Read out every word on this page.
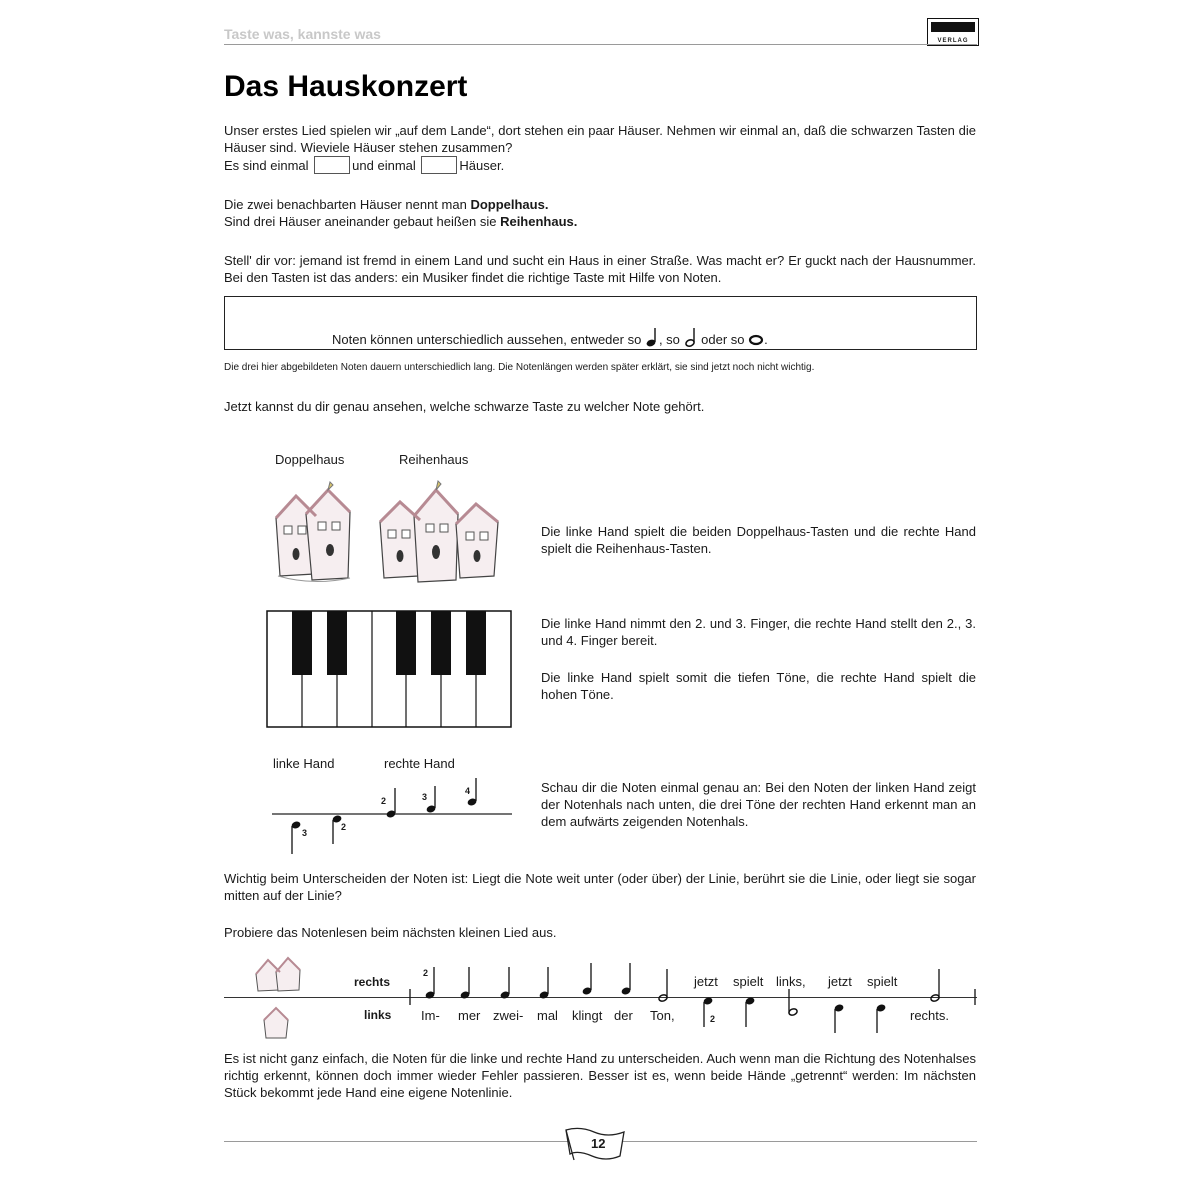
Taste was, kannste was	VERLAG
Das Hauskonzert
Unser erstes Lied spielen wir „auf dem Lande“, dort stehen ein paar Häuser. Nehmen wir einmal an, daß die schwarzen Tasten die Häuser sind. Wieviele Häuser stehen zusammen?
Es sind einmal	und einmal	Häuser.
Die zwei benachbarten Häuser nennt man Doppelhaus.
Sind drei Häuser aneinander gebaut heißen sie Reihenhaus.
Stell' dir vor: jemand ist fremd in einem Land und sucht ein Haus in einer Straße. Was macht er? Er guckt nach der Hausnummer. Bei den Tasten ist das anders: ein Musiker findet die richtige Taste mit Hilfe von Noten.
Noten können unterschiedlich aussehen, entweder so , so oder so .
Die drei hier abgebildeten Noten dauern unterschiedlich lang. Die Notenlängen werden später erklärt, sie sind jetzt noch nicht wichtig.
Jetzt kannst du dir genau ansehen, welche schwarze Taste zu welcher Note gehört.
Doppelhaus	Reihenhaus
linke Hand	rechte Hand
3
2
2	3
4
Die linke Hand spielt die beiden Doppelhaus-Tasten und die rechte Hand spielt die Reihenhaus-Tasten.
Die linke Hand nimmt den 2. und 3. Finger, die rechte Hand stellt den 2., 3. und 4. Finger bereit.
Die linke Hand spielt somit die tiefen Töne, die rechte Hand spielt die hohen Töne.
Schau dir die Noten einmal genau an: Bei den Noten der linken Hand zeigt der Notenhals nach unten, die drei Töne der rechten Hand erkennt man an dem aufwärts zeigenden Notenhals.
Wichtig beim Unterscheiden der Noten ist: Liegt die Note weit unter (oder über) der Linie, berührt sie die Linie, oder liegt sie sogar mitten auf der Linie?
Probiere das Notenlesen beim nächsten kleinen Lied aus.
rechts
links
2
2
jetzt spielt links, jetzt spielt
Im- mer zwei- mal klingt der Ton,	rechts.
Es ist nicht ganz einfach, die Noten für die linke und rechte Hand zu unterscheiden. Auch wenn man die Richtung des Notenhalses richtig erkennt, können doch immer wieder Fehler passieren. Besser ist es, wenn beide Hände „getrennt“ werden: Im nächsten Stück bekommt jede Hand eine eigene Notenlinie.
12
